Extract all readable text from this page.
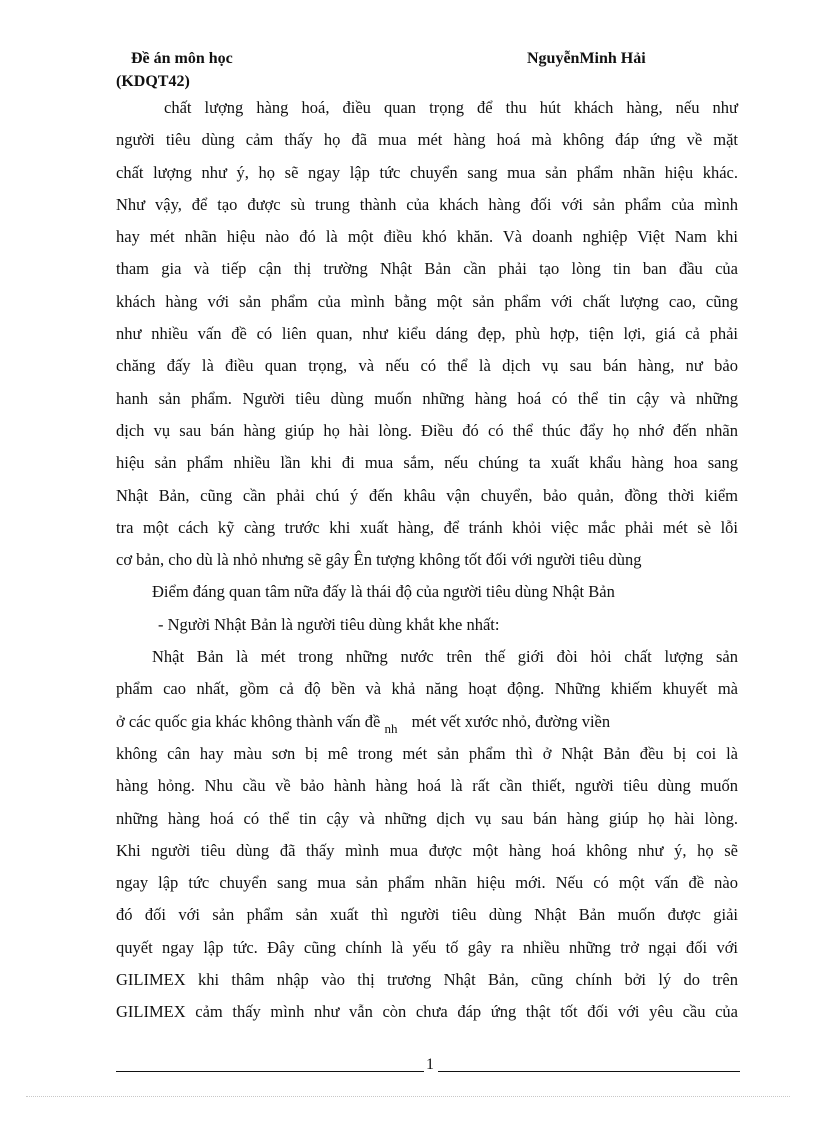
Đề án môn học	NguyễnMinh Hải
(KDQT42)
chất lượng hàng hoá, điều quan trọng để thu hút khách hàng, nếu như
người tiêu dùng cảm thấy họ đã mua mét hàng hoá mà không đáp ứng về mặt
chất lượng như ý, họ sẽ ngay lập tức chuyển sang mua sản phẩm nhãn hiệu khác.
Như vậy, để tạo được sù trung thành của khách hàng đối với sản phẩm của mình
hay mét nhãn hiệu nào đó là một điều khó khăn. Và doanh nghiệp Việt Nam khi
tham gia và tiếp cận thị trường Nhật Bản cần phải tạo lòng tin ban đầu của
khách hàng với sản phẩm của mình bằng một sản phẩm với chất lượng cao, cũng
như nhiều vấn đề có liên quan, như kiểu dáng đẹp, phù hợp, tiện lợi, giá cả phải
chăng đấy là điều quan trọng, và nếu có thể là dịch vụ sau bán hàng, nư bảo
hanh sản phẩm. Người tiêu dùng muốn những hàng hoá có thể tin cậy và những
dịch vụ sau bán hàng giúp họ hài lòng. Điều đó có thể thúc đẩy họ nhớ đến nhãn
hiệu sản phẩm nhiều lần khi đi mua sắm, nếu chúng ta xuất khẩu hàng hoa sang
Nhật Bản, cũng cần phải chú ý đến khâu vận chuyển, bảo quản, đồng thời kiểm
tra một cách kỹ càng trước khi xuất hàng, để tránh khỏi việc mắc phải mét sè lỗi
cơ bản, cho dù là nhỏ nhưng sẽ gây Ên tượng không tốt đối với người tiêu dùng
Điểm đáng quan tâm nữa đấy là thái độ của người tiêu dùng Nhật Bản
- Người Nhật Bản là người tiêu dùng khắt khe nhất:
Nhật Bản là mét trong những nước trên thế giới đòi hỏi chất lượng sản
phẩm cao nhất, gồm cả độ bền và khả năng hoạt động. Những khiếm khuyết mà
ở các quốc gia khác không thành vấn đề $_{nh}$ mét vết xước nhỏ, đường viền
không cân hay màu sơn bị mê trong mét sản phẩm thì ở Nhật Bản đều bị coi là
hàng hỏng. Nhu cầu về bảo hành hàng hoá là rất cần thiết, người tiêu dùng muốn
những hàng hoá có thể tin cậy và những dịch vụ sau bán hàng giúp họ hài lòng.
Khi người tiêu dùng đã thấy mình mua được một hàng hoá không như ý, họ sẽ
ngay lập tức chuyển sang mua sản phẩm nhãn hiệu mới. Nếu có một vấn đề nào
đó đối với sản phẩm sản xuất thì người tiêu dùng Nhật Bản muốn được giải
quyết ngay lập tức. Đây cũng chính là yếu tố gây ra nhiều những trở ngại đối với
GILIMEX khi thâm nhập vào thị trương Nhật Bản, cũng chính bởi lý do trên
GILIMEX cảm thấy mình như vẫn còn chưa đáp ứng thật tốt đối với yêu cầu của
1
